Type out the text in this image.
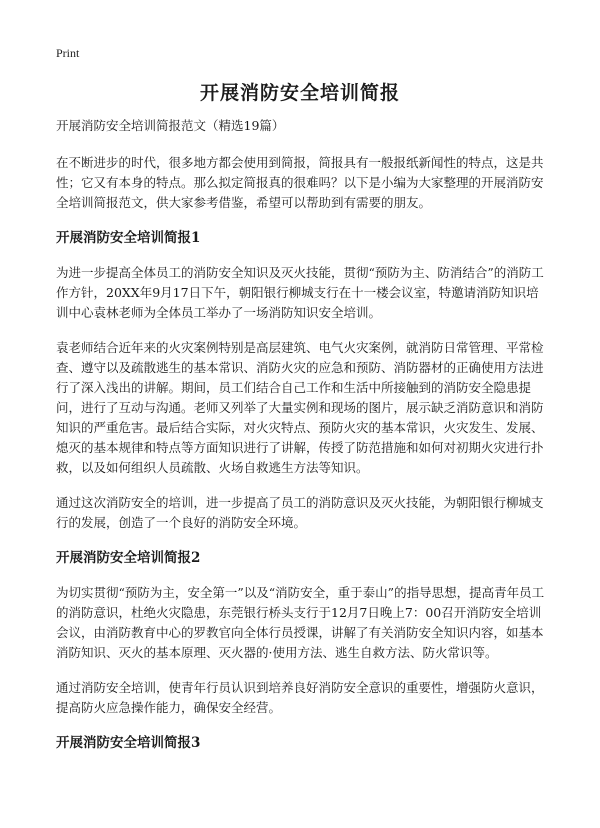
Print
开展消防安全培训简报

开展消防安全培训简报范文（精选19篇）

在不断进步的时代，很多地方都会使用到简报，简报具有一般报纸新闻性的特点，这是共性；它又有本身的特点。那么拟定简报真的很难吗？以下是小编为大家整理的开展消防安全培训简报范文，供大家参考借鉴，希望可以帮助到有需要的朋友。

开展消防安全培训简报1

为进一步提高全体员工的消防安全知识及灭火技能，贯彻“预防为主、防消结合”的消防工作方针，20XX年9月17日下午，朝阳银行柳城支行在十一楼会议室，特邀请消防知识培训中心袁林老师为全体员工举办了一场消防知识安全培训。

袁老师结合近年来的火灾案例特别是高层建筑、电气火灾案例，就消防日常管理、平常检查、遵守以及疏散逃生的基本常识、消防火灾的应急和预防、消防器材的正确使用方法进行了深入浅出的讲解。期间，员工们结合自己工作和生活中所接触到的消防安全隐患提问，进行了互动与沟通。老师又列举了大量实例和现场的图片，展示缺乏消防意识和消防知识的严重危害。最后结合实际，对火灾特点、预防火灾的基本常识，火灾发生、发展、熄灭的基本规律和特点等方面知识进行了讲解，传授了防范措施和如何对初期火灾进行扑救，以及如何组织人员疏散、火场自救逃生方法等知识。

通过这次消防安全的培训，进一步提高了员工的消防意识及灭火技能，为朝阳银行柳城支行的发展，创造了一个良好的消防安全环境。

开展消防安全培训简报2

为切实贯彻“预防为主，安全第一”以及“消防安全，重于泰山”的指导思想，提高青年员工的消防意识，杜绝火灾隐患，东莞银行桥头支行于12月7日晚上7：00召开消防安全培训会议，由消防教育中心的罗教官向全体行员授课，讲解了有关消防安全知识内容，如基本消防知识、灭火的基本原理、灭火器的·使用方法、逃生自救方法、防火常识等。

通过消防安全培训，使青年行员认识到培养良好消防安全意识的重要性，增强防火意识，提高防火应急操作能力，确保安全经营。

开展消防安全培训简报3
